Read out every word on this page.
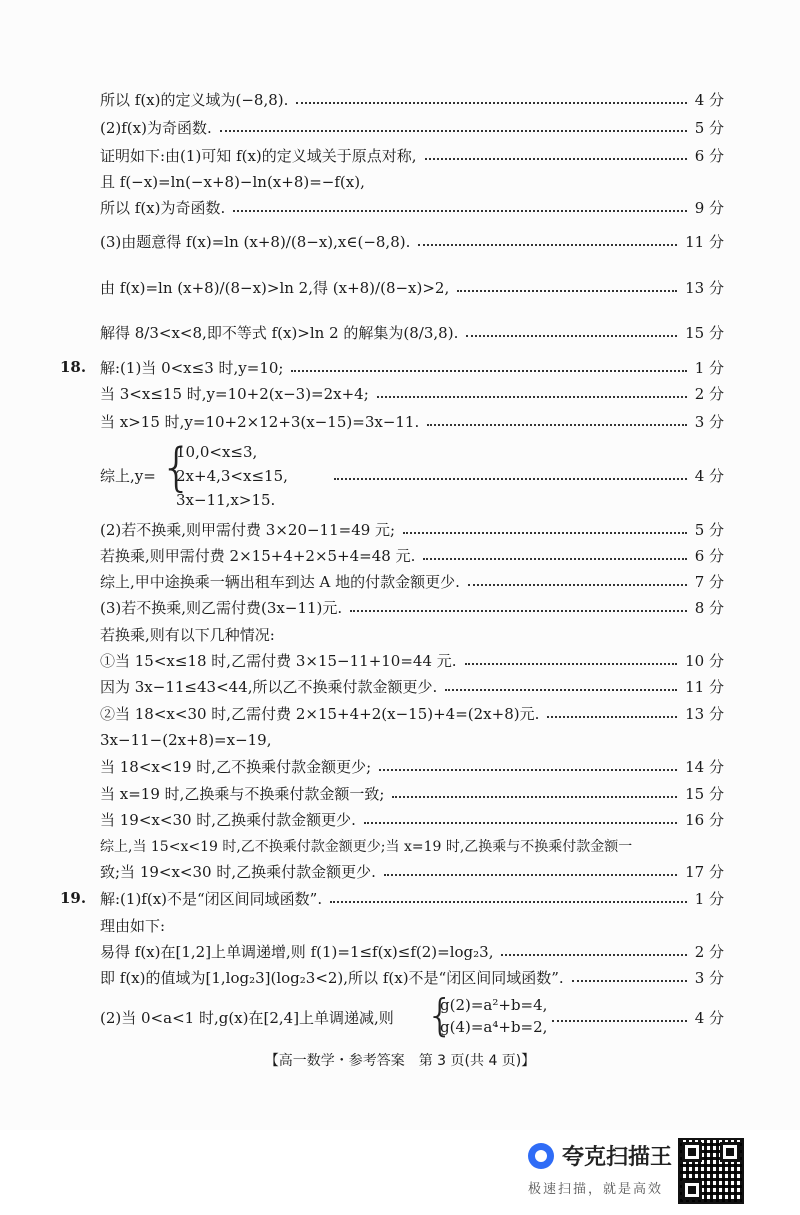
所以 f(x)的定义域为(−8,8).	4 分
(2)f(x)为奇函数.	5 分
证明如下:由(1)可知 f(x)的定义域关于原点对称,	6 分
且 f(−x)=ln(−x+8)−ln(x+8)=−f(x),
所以 f(x)为奇函数.	9 分
(3)由题意得 f(x)=ln (x+8)/(8−x),x∈(−8,8).	11 分
由 f(x)=ln (x+8)/(8−x)>ln 2,得 (x+8)/(8−x)>2,	13 分
解得 8/3<x<8,即不等式 f(x)>ln 2 的解集为(8/3,8).	15 分
18. 解:(1)当 0<x≤3 时,y=10;	1 分
当 3<x≤15 时,y=10+2(x−3)=2x+4;	2 分
当 x>15 时,y=10+2×12+3(x−15)=3x−11.	3 分
综上,y=	4 分
{
10,0<x≤3,
2x+4,3<x≤15,
3x−11,x>15.
(2)若不换乘,则甲需付费 3×20−11=49 元;	5 分
若换乘,则甲需付费 2×15+4+2×5+4=48 元.	6 分
综上,甲中途换乘一辆出租车到达 A 地的付款金额更少.	7 分
(3)若不换乘,则乙需付费(3x−11)元.	8 分
若换乘,则有以下几种情况:
①当 15<x≤18 时,乙需付费 3×15−11+10=44 元.	10 分
因为 3x−11≤43<44,所以乙不换乘付款金额更少.	11 分
②当 18<x<30 时,乙需付费 2×15+4+2(x−15)+4=(2x+8)元.	13 分
3x−11−(2x+8)=x−19,
当 18<x<19 时,乙不换乘付款金额更少;	14 分
当 x=19 时,乙换乘与不换乘付款金额一致;	15 分
当 19<x<30 时,乙换乘付款金额更少.	16 分
综上,当 15<x<19 时,乙不换乘付款金额更少;当 x=19 时,乙换乘与不换乘付款金额一
致;当 19<x<30 时,乙换乘付款金额更少.	17 分
19. 解:(1)f(x)不是“闭区间同域函数”.	1 分
理由如下:
易得 f(x)在[1,2]上单调递增,则 f(1)=1≤f(x)≤f(2)=log₂3,	2 分
即 f(x)的值域为[1,log₂3](log₂3<2),所以 f(x)不是“闭区间同域函数”.	3 分
(2)当 0<a<1 时,g(x)在[2,4]上单调递减,则	4 分
{
g(2)=a²+b=4,
g(4)=a⁴+b=2,
【高一数学・参考答案　第 3 页(共 4 页)】
夸克扫描王
极速扫描，就是高效
